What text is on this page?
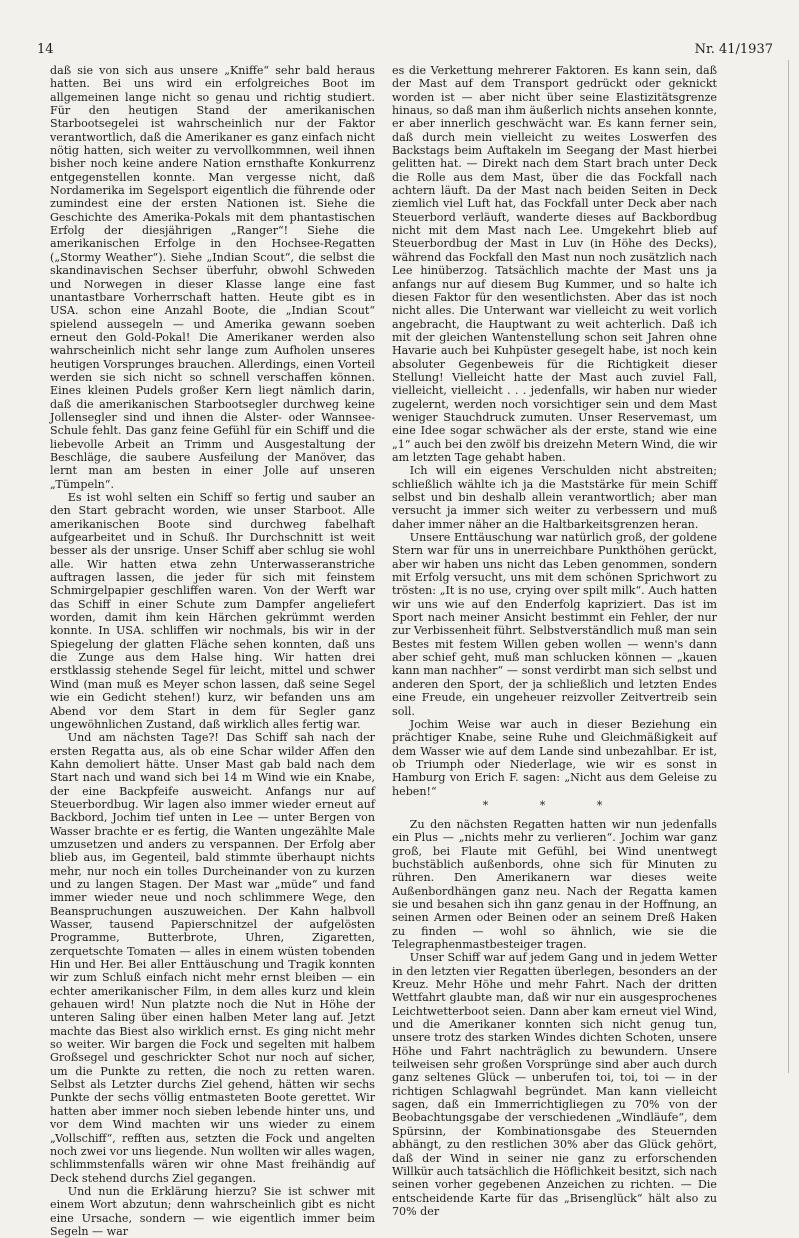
14	Nr. 41/1937

daß sie von sich aus unsere „Kniffe“ sehr bald heraus hatten. Bei uns wird ein erfolgreiches Boot im allgemeinen lange nicht so genau und richtig studiert. Für den heutigen Stand der amerikanischen Starbootsegelei ist wahrscheinlich nur der Faktor verantwortlich, daß die Amerikaner es ganz einfach nicht nötig hatten, sich weiter zu vervollkommnen, weil ihnen bisher noch keine andere Nation ernsthafte Konkurrenz entgegenstellen konnte. Man vergesse nicht, daß Nordamerika im Segelsport eigentlich die führende oder zumindest eine der ersten Nationen ist. Siehe die Geschichte des Amerika-Pokals mit dem phantastischen Erfolg der diesjährigen „Ranger“! Siehe die amerikanischen Erfolge in den Hochsee-Regatten („Stormy Weather“). Siehe „Indian Scout“, die selbst die skandinavischen Sechser überfuhr, obwohl Schweden und Norwegen in dieser Klasse lange eine fast unantastbare Vorherrschaft hatten. Heute gibt es in USA. schon eine Anzahl Boote, die „Indian Scout“ spielend aussegeln — und Amerika gewann soeben erneut den Gold-Pokal! Die Amerikaner werden also wahrscheinlich nicht sehr lange zum Aufholen unseres heutigen Vorsprunges brauchen. Allerdings, einen Vorteil werden sie sich nicht so schnell verschaffen können. Eines kleinen Pudels großer Kern liegt nämlich darin, daß die amerikanischen Starbootsegler durchweg keine Jollensegler sind und ihnen die Alster- oder Wannsee-Schule fehlt. Das ganz feine Gefühl für ein Schiff und die liebevolle Arbeit an Trimm und Ausgestaltung der Beschläge, die saubere Ausfeilung der Manöver, das lernt man am besten in einer Jolle auf unseren „Tümpeln“.

Es ist wohl selten ein Schiff so fertig und sauber an den Start gebracht worden, wie unser Starboot. Alle amerikanischen Boote sind durchweg fabelhaft aufgearbeitet und in Schuß. Ihr Durchschnitt ist weit besser als der unsrige. Unser Schiff aber schlug sie wohl alle. Wir hatten etwa zehn Unterwasseranstriche auftragen lassen, die jeder für sich mit feinstem Schmirgelpapier geschliffen waren. Von der Werft war das Schiff in einer Schute zum Dampfer angeliefert worden, damit ihm kein Härchen gekrümmt werden konnte. In USA. schliffen wir nochmals, bis wir in der Spiegelung der glatten Fläche sehen konnten, daß uns die Zunge aus dem Halse hing. Wir hatten drei erstklassig stehende Segel für leicht, mittel und schwer Wind (man muß es Meyer schon lassen, daß seine Segel wie ein Gedicht stehen!) kurz, wir befanden uns am Abend vor dem Start in dem für Segler ganz ungewöhnlichen Zustand, daß wirklich alles fertig war.

Und am nächsten Tage?! Das Schiff sah nach der ersten Regatta aus, als ob eine Schar wilder Affen den Kahn demoliert hätte. Unser Mast gab bald nach dem Start nach und wand sich bei 14 m Wind wie ein Knabe, der eine Backpfeife ausweicht. Anfangs nur auf Steuerbordbug. Wir lagen also immer wieder erneut auf Backbord, Jochim tief unten in Lee — unter Bergen von Wasser brachte er es fertig, die Wanten ungezählte Male umzusetzen und anders zu verspannen. Der Erfolg aber blieb aus, im Gegenteil, bald stimmte überhaupt nichts mehr, nur noch ein tolles Durcheinander von zu kurzen und zu langen Stagen. Der Mast war „müde“ und fand immer wieder neue und noch schlimmere Wege, den Beanspruchungen auszuweichen. Der Kahn halbvoll Wasser, tausend Papierschnitzel der aufgelösten Programme, Butterbrote, Uhren, Zigaretten, zerquetschte Tomaten — alles in einem wüsten tobenden Hin und Her. Bei aller Enttäuschung und Tragik konnten wir zum Schluß einfach nicht mehr ernst bleiben — ein echter amerikanischer Film, in dem alles kurz und klein gehauen wird! Nun platzte noch die Nut in Höhe der unteren Saling über einen halben Meter lang auf. Jetzt machte das Biest also wirklich ernst. Es ging nicht mehr so weiter. Wir bargen die Fock und segelten mit halbem Großsegel und geschrickter Schot nur noch auf sicher, um die Punkte zu retten, die noch zu retten waren. Selbst als Letzter durchs Ziel gehend, hätten wir sechs Punkte der sechs völlig entmasteten Boote gerettet. Wir hatten aber immer noch sieben lebende hinter uns, und vor dem Wind machten wir uns wieder zu einem „Vollschiff“, refften aus, setzten die Fock und angelten noch zwei vor uns liegende. Nun wollten wir alles wagen, schlimmstenfalls wären wir ohne Mast freihändig auf Deck stehend durchs Ziel gegangen.

Und nun die Erklärung hierzu? Sie ist schwer mit einem Wort abzutun; denn wahrscheinlich gibt es nicht eine Ursache, sondern — wie eigentlich immer beim Segeln — war

es die Verkettung mehrerer Faktoren. Es kann sein, daß der Mast auf dem Transport gedrückt oder geknickt worden ist — aber nicht über seine Elastizitätsgrenze hinaus, so daß man ihm äußerlich nichts ansehen konnte, er aber innerlich geschwächt war. Es kann ferner sein, daß durch mein vielleicht zu weites Loswerfen des Backstags beim Auftakeln im Seegang der Mast hierbei gelitten hat. — Direkt nach dem Start brach unter Deck die Rolle aus dem Mast, über die das Fockfall nach achtern läuft. Da der Mast nach beiden Seiten in Deck ziemlich viel Luft hat, das Fockfall unter Deck aber nach Steuerbord verläuft, wanderte dieses auf Backbordbug nicht mit dem Mast nach Lee. Umgekehrt blieb auf Steuerbordbug der Mast in Luv (in Höhe des Decks), während das Fockfall den Mast nun noch zusätzlich nach Lee hinüberzog. Tatsächlich machte der Mast uns ja anfangs nur auf diesem Bug Kummer, und so halte ich diesen Faktor für den wesentlichsten. Aber das ist noch nicht alles. Die Unterwant war vielleicht zu weit vorlich angebracht, die Hauptwant zu weit achterlich. Daß ich mit der gleichen Wantenstellung schon seit Jahren ohne Havarie auch bei Kuhpüster gesegelt habe, ist noch kein absoluter Gegenbeweis für die Richtigkeit dieser Stellung! Vielleicht hatte der Mast auch zuviel Fall, vielleicht, vielleicht . . . jedenfalls, wir haben nur wieder zugelernt, werden noch vorsichtiger sein und dem Mast weniger Stauchdruck zumuten. Unser Reservemast, um eine Idee sogar schwächer als der erste, stand wie eine „1“ auch bei den zwölf bis dreizehn Metern Wind, die wir am letzten Tage gehabt haben.

Ich will ein eigenes Verschulden nicht abstreiten; schließlich wählte ich ja die Maststärke für mein Schiff selbst und bin deshalb allein verantwortlich; aber man versucht ja immer sich weiter zu verbessern und muß daher immer näher an die Haltbarkeitsgrenzen heran.

Unsere Enttäuschung war natürlich groß, der goldene Stern war für uns in unerreichbare Punkthöhen gerückt, aber wir haben uns nicht das Leben genommen, sondern mit Erfolg versucht, uns mit dem schönen Sprichwort zu trösten: „It is no use, crying over spilt milk“. Auch hatten wir uns wie auf den Enderfolg kapriziert. Das ist im Sport nach meiner Ansicht bestimmt ein Fehler, der nur zur Verbissenheit führt. Selbstverständlich muß man sein Bestes mit festem Willen geben wollen — wenn's dann aber schief geht, muß man schlucken können — „kauen kann man nachher“ — sonst verdirbt man sich selbst und anderen den Sport, der ja schließlich und letzten Endes eine Freude, ein ungeheuer reizvoller Zeitvertreib sein soll.

Jochim Weise war auch in dieser Beziehung ein prächtiger Knabe, seine Ruhe und Gleichmäßigkeit auf dem Wasser wie auf dem Lande sind unbezahlbar. Er ist, ob Triumph oder Niederlage, wie wir es sonst in Hamburg von Erich F. sagen: „Nicht aus dem Geleise zu heben!“

* * *

Zu den nächsten Regatten hatten wir nun jedenfalls ein Plus — „nichts mehr zu verlieren“. Jochim war ganz groß, bei Flaute mit Gefühl, bei Wind unentwegt buchstäblich außenbords, ohne sich für Minuten zu rühren. Den Amerikanern war dieses weite Außenbordhängen ganz neu. Nach der Regatta kamen sie und besahen sich ihn ganz genau in der Hoffnung, an seinen Armen oder Beinen oder an seinem Dreß Haken zu finden — wohl so ähnlich, wie sie die Telegraphenmastbesteiger tragen.

Unser Schiff war auf jedem Gang und in jedem Wetter in den letzten vier Regatten überlegen, besonders an der Kreuz. Mehr Höhe und mehr Fahrt. Nach der dritten Wettfahrt glaubte man, daß wir nur ein ausgesprochenes Leichtwetterboot seien. Dann aber kam erneut viel Wind, und die Amerikaner konnten sich nicht genug tun, unsere trotz des starken Windes dichten Schoten, unsere Höhe und Fahrt nachträglich zu bewundern. Unsere teilweisen sehr großen Vorsprünge sind aber auch durch ganz seltenes Glück — unberufen toi, toi, toi — in der richtigen Schlagwahl begründet. Man kann vielleicht sagen, daß ein Immerrichtigliegen zu 70% von der Beobachtungsgabe der verschiedenen „Windläufe“, dem Spürsinn, der Kombinationsgabe des Steuernden abhängt, zu den restlichen 30% aber das Glück gehört, daß der Wind in seiner nie ganz zu erforschenden Willkür auch tatsächlich die Höflichkeit besitzt, sich nach seinen vorher gegebenen Anzeichen zu richten. — Die entscheidende Karte für das „Brisenglück“ hält also zu 70% der
